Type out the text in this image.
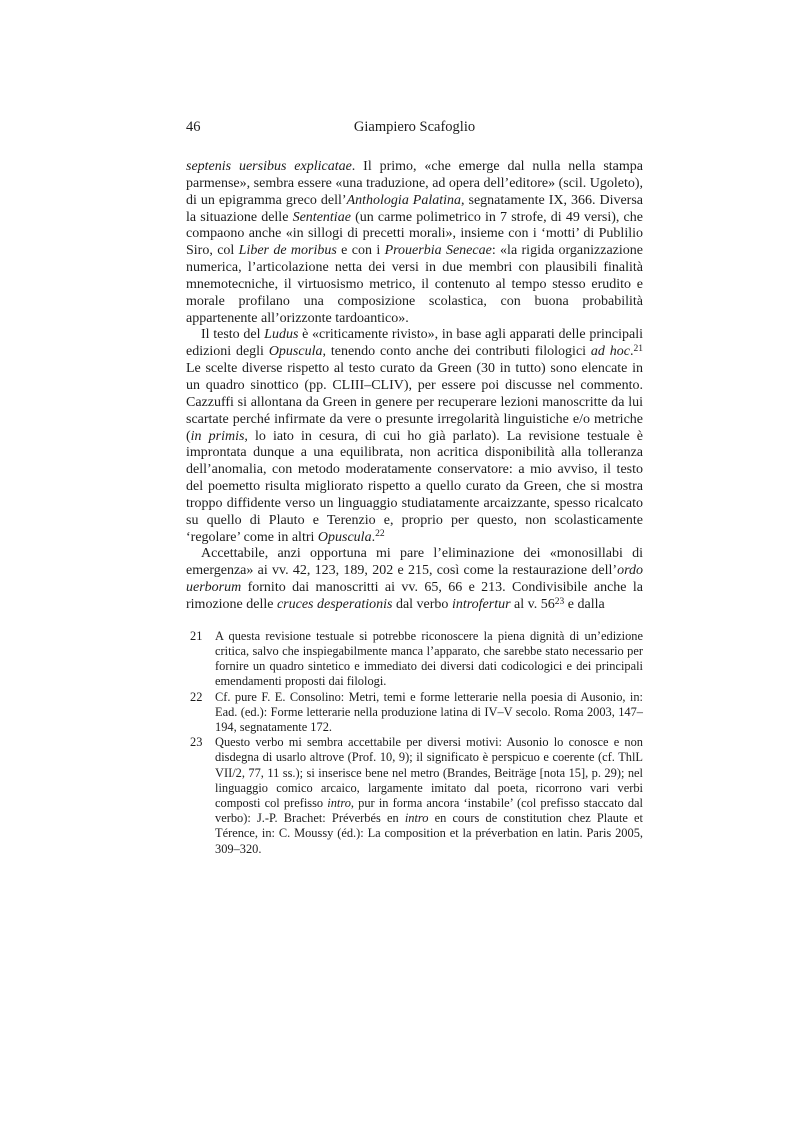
46	Giampiero Scafoglio

septenis uersibus explicatae. Il primo, «che emerge dal nulla nella stampa parmense», sembra essere «una traduzione, ad opera dell’editore» (scil. Ugoleto), di un epigramma greco dell’Anthologia Palatina, segnatamente IX, 366. Diversa la situazione delle Sententiae (un carme polimetrico in 7 strofe, di 49 versi), che compaono anche «in sillogi di precetti morali», insieme con i ‘motti’ di Publilio Siro, col Liber de moribus e con i Prouerbia Senecae: «la rigida organizzazione numerica, l’articolazione netta dei versi in due membri con plausibili finalità mnemotecniche, il virtuosismo metrico, il contenuto al tempo stesso erudito e morale profilano una composizione scolastica, con buona probabilità appartenente all’orizzonte tardoantico».

Il testo del Ludus è «criticamente rivisto», in base agli apparati delle principali edizioni degli Opuscula, tenendo conto anche dei contributi filologici ad hoc.$^{21}$ Le scelte diverse rispetto al testo curato da Green (30 in tutto) sono elencate in un quadro sinottico (pp. CLIII–CLIV), per essere poi discusse nel commento. Cazzuffi si allontana da Green in genere per recuperare lezioni manoscritte da lui scartate perché infirmate da vere o presunte irregolarità linguistiche e/o metriche (in primis, lo iato in cesura, di cui ho già parlato). La revisione testuale è improntata dunque a una equilibrata, non acritica disponibilità alla tolleranza dell’anomalia, con metodo moderatamente conservatore: a mio avviso, il testo del poemetto risulta migliorato rispetto a quello curato da Green, che si mostra troppo diffidente verso un linguaggio studiatamente arcaizzante, spesso ricalcato su quello di Plauto e Terenzio e, proprio per questo, non scolasticamente ‘regolare’ come in altri Opuscula.$^{22}$

Accettabile, anzi opportuna mi pare l’eliminazione dei «monosillabi di emergenza» ai vv. 42, 123, 189, 202 e 215, così come la restaurazione dell’ordo uerborum fornito dai manoscritti ai vv. 65, 66 e 213. Condivisibile anche la rimozione delle cruces desperationis dal verbo introfertur al v. $56^{23}$ e dalla

21	A questa revisione testuale si potrebbe riconoscere la piena dignità di un’edizione critica, salvo che inspiegabilmente manca l’apparato, che sarebbe stato necessario per fornire un quadro sintetico e immediato dei diversi dati codicologici e dei principali emendamenti proposti dai filologi.
22	Cf. pure F. E. Consolino: Metri, temi e forme letterarie nella poesia di Ausonio, in: Ead. (ed.): Forme letterarie nella produzione latina di IV–V secolo. Roma 2003, 147–194, segnatamente 172.
23	Questo verbo mi sembra accettabile per diversi motivi: Ausonio lo conosce e non disdegna di usarlo altrove (Prof. 10, 9); il significato è perspicuo e coerente (cf. ThlL VII/2, 77, 11 ss.); si inserisce bene nel metro (Brandes, Beiträge [nota 15], p. 29); nel linguaggio comico arcaico, largamente imitato dal poeta, ricorrono vari verbi composti col prefisso intro, pur in forma ancora ‘instabile’ (col prefisso staccato dal verbo): J.-P. Brachet: Préverbés en intro en cours de constitution chez Plaute et Térence, in: C. Moussy (éd.): La composition et la préverbation en latin. Paris 2005, 309–320.
